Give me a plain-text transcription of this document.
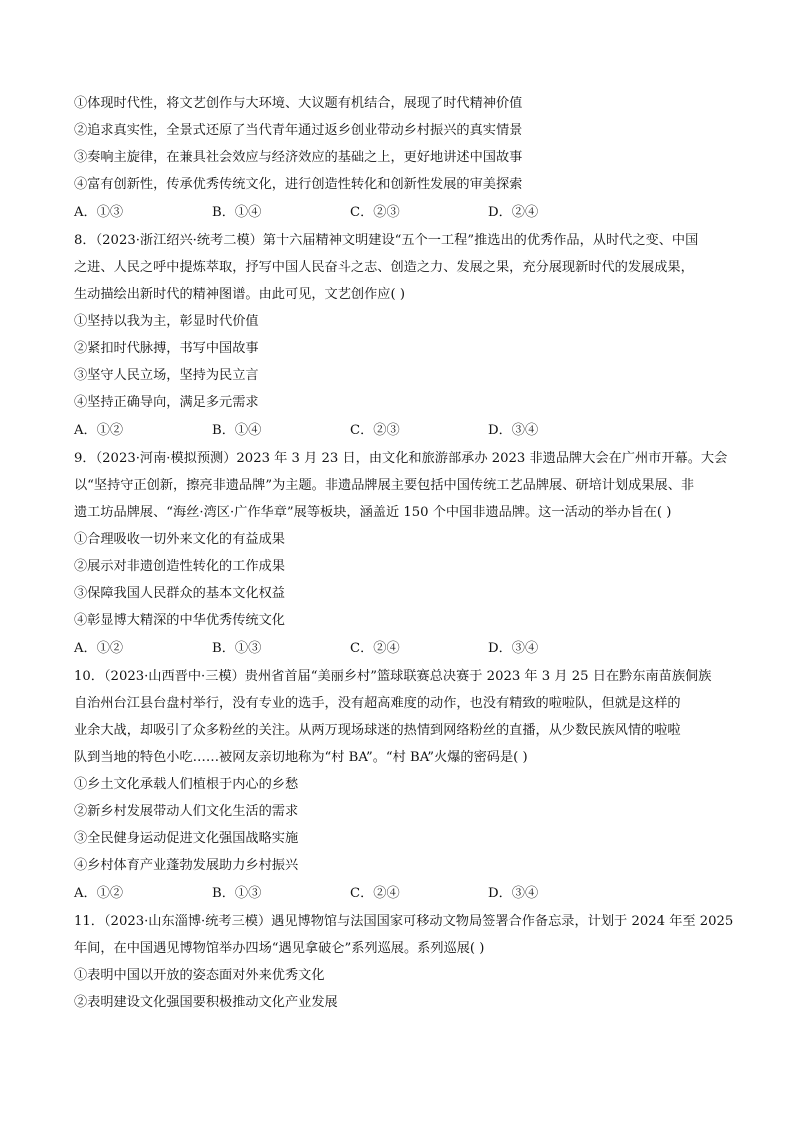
①体现时代性，将文艺创作与大环境、大议题有机结合，展现了时代精神价值
②追求真实性，全景式还原了当代青年通过返乡创业带动乡村振兴的真实情景
③奏响主旋律，在兼具社会效应与经济效应的基础之上，更好地讲述中国故事
④富有创新性，传承优秀传统文化，进行创造性转化和创新性发展的审美探索
A．①③	B．①④	C．②③	D．②④
8．（2023·浙江绍兴·统考二模）第十六届精神文明建设“五个一工程”推选出的优秀作品，从时代之变、中国
之进、人民之呼中提炼萃取，抒写中国人民奋斗之志、创造之力、发展之果，充分展现新时代的发展成果，
生动描绘出新时代的精神图谱。由此可见，文艺创作应( )
①坚持以我为主，彰显时代价值
②紧扣时代脉搏，书写中国故事
③坚守人民立场，坚持为民立言
④坚持正确导向，满足多元需求
A．①②	B．①④	C．②③	D．③④
9．（2023·河南·模拟预测）2023 年 3 月 23 日，由文化和旅游部承办 2023 非遗品牌大会在广州市开幕。大会
以“坚持守正创新，擦亮非遗品牌”为主题。非遗品牌展主要包括中国传统工艺品牌展、研培计划成果展、非
遗工坊品牌展、“海丝·湾区·广作华章”展等板块，涵盖近 150 个中国非遗品牌。这一活动的举办旨在( )
①合理吸收一切外来文化的有益成果
②展示对非遗创造性转化的工作成果
③保障我国人民群众的基本文化权益
④彰显博大精深的中华优秀传统文化
A．①②	B．①③	C．②④	D．③④
10．（2023·山西晋中·三模）贵州省首届“美丽乡村”篮球联赛总决赛于 2023 年 3 月 25 日在黔东南苗族侗族
自治州台江县台盘村举行，没有专业的选手，没有超高难度的动作，也没有精致的啦啦队，但就是这样的
业余大战，却吸引了众多粉丝的关注。从两万现场球迷的热情到网络粉丝的直播，从少数民族风情的啦啦
队到当地的特色小吃……被网友亲切地称为“村 BA”。“村 BA”火爆的密码是( )
①乡土文化承载人们植根于内心的乡愁
②新乡村发展带动人们文化生活的需求
③全民健身运动促进文化强国战略实施
④乡村体育产业蓬勃发展助力乡村振兴
A．①②	B．①③	C．②④	D．③④
11．（2023·山东淄博·统考三模）遇见博物馆与法国国家可移动文物局签署合作备忘录，计划于 2024 年至 2025
年间，在中国遇见博物馆举办四场“遇见拿破仑”系列巡展。系列巡展( )
①表明中国以开放的姿态面对外来优秀文化
②表明建设文化强国要积极推动文化产业发展
